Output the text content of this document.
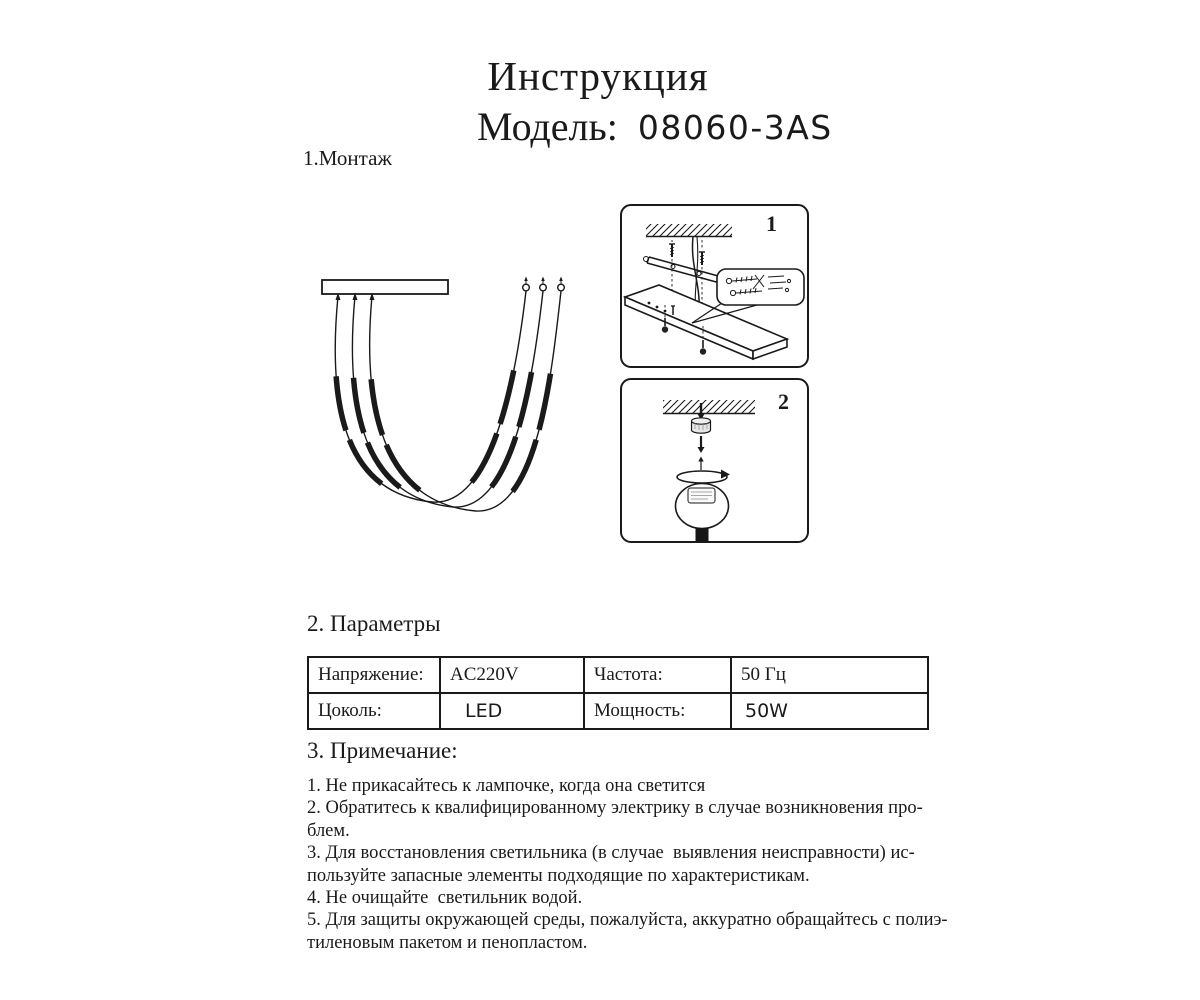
Инструкция
Модель: 08060-3AS
1.Монтаж
2. Параметры
3. Примечание:
1
2
Напряжение:	AC220V	Частота:	50 Гц
Цоколь:	LED	Мощность:	50W
1. Не прикасайтесь к лампочке, когда она светится
2. Обратитесь к квалифицированному электрику в случае возникновения про-
блем.
3. Для восстановления светильника (в случае  выявления неисправности) ис-
пользуйте запасные элементы подходящие по характеристикам.
4. Не очищайте  светильник водой.
5. Для защиты окружающей среды, пожалуйста, аккуратно обращайтесь с полиэ-
тиленовым пакетом и пенопластом.
